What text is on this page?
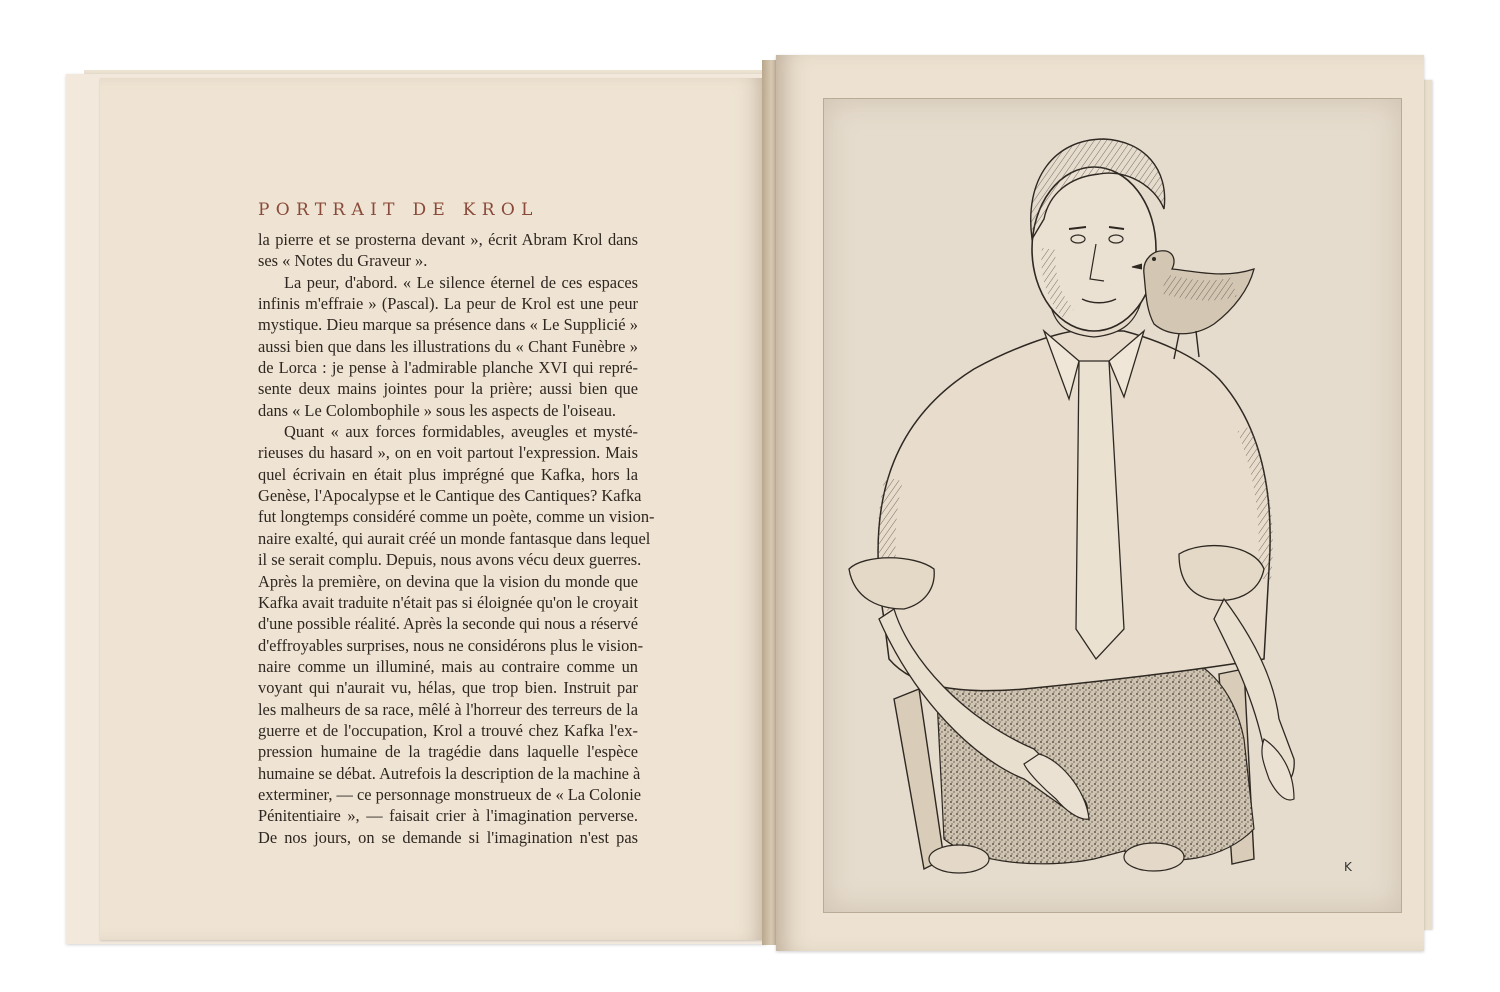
PORTRAIT DE KROL
la pierre et se prosterna devant », écrit Abram Krol dans
ses « Notes du Graveur ».
La peur, d'abord. « Le silence éternel de ces espaces
infinis m'effraie » (Pascal). La peur de Krol est une peur
mystique. Dieu marque sa présence dans « Le Supplicié »
aussi bien que dans les illustrations du « Chant Funèbre »
de Lorca : je pense à l'admirable planche XVI qui repré-
sente deux mains jointes pour la prière; aussi bien que
dans « Le Colombophile » sous les aspects de l'oiseau.
Quant « aux forces formidables, aveugles et mysté-
rieuses du hasard », on en voit partout l'expression. Mais
quel écrivain en était plus imprégné que Kafka, hors la
Genèse, l'Apocalypse et le Cantique des Cantiques? Kafka
fut longtemps considéré comme un poète, comme un vision-
naire exalté, qui aurait créé un monde fantasque dans lequel
il se serait complu. Depuis, nous avons vécu deux guerres.
Après la première, on devina que la vision du monde que
Kafka avait traduite n'était pas si éloignée qu'on le croyait
d'une possible réalité. Après la seconde qui nous a réservé
d'effroyables surprises, nous ne considérons plus le vision-
naire comme un illuminé, mais au contraire comme un
voyant qui n'aurait vu, hélas, que trop bien. Instruit par
les malheurs de sa race, mêlé à l'horreur des terreurs de la
guerre et de l'occupation, Krol a trouvé chez Kafka l'ex-
pression humaine de la tragédie dans laquelle l'espèce
humaine se débat. Autrefois la description de la machine à
exterminer, — ce personnage monstrueux de « La Colonie
Pénitentiaire », — faisait crier à l'imagination perverse.
De nos jours, on se demande si l'imagination n'est pas
K
